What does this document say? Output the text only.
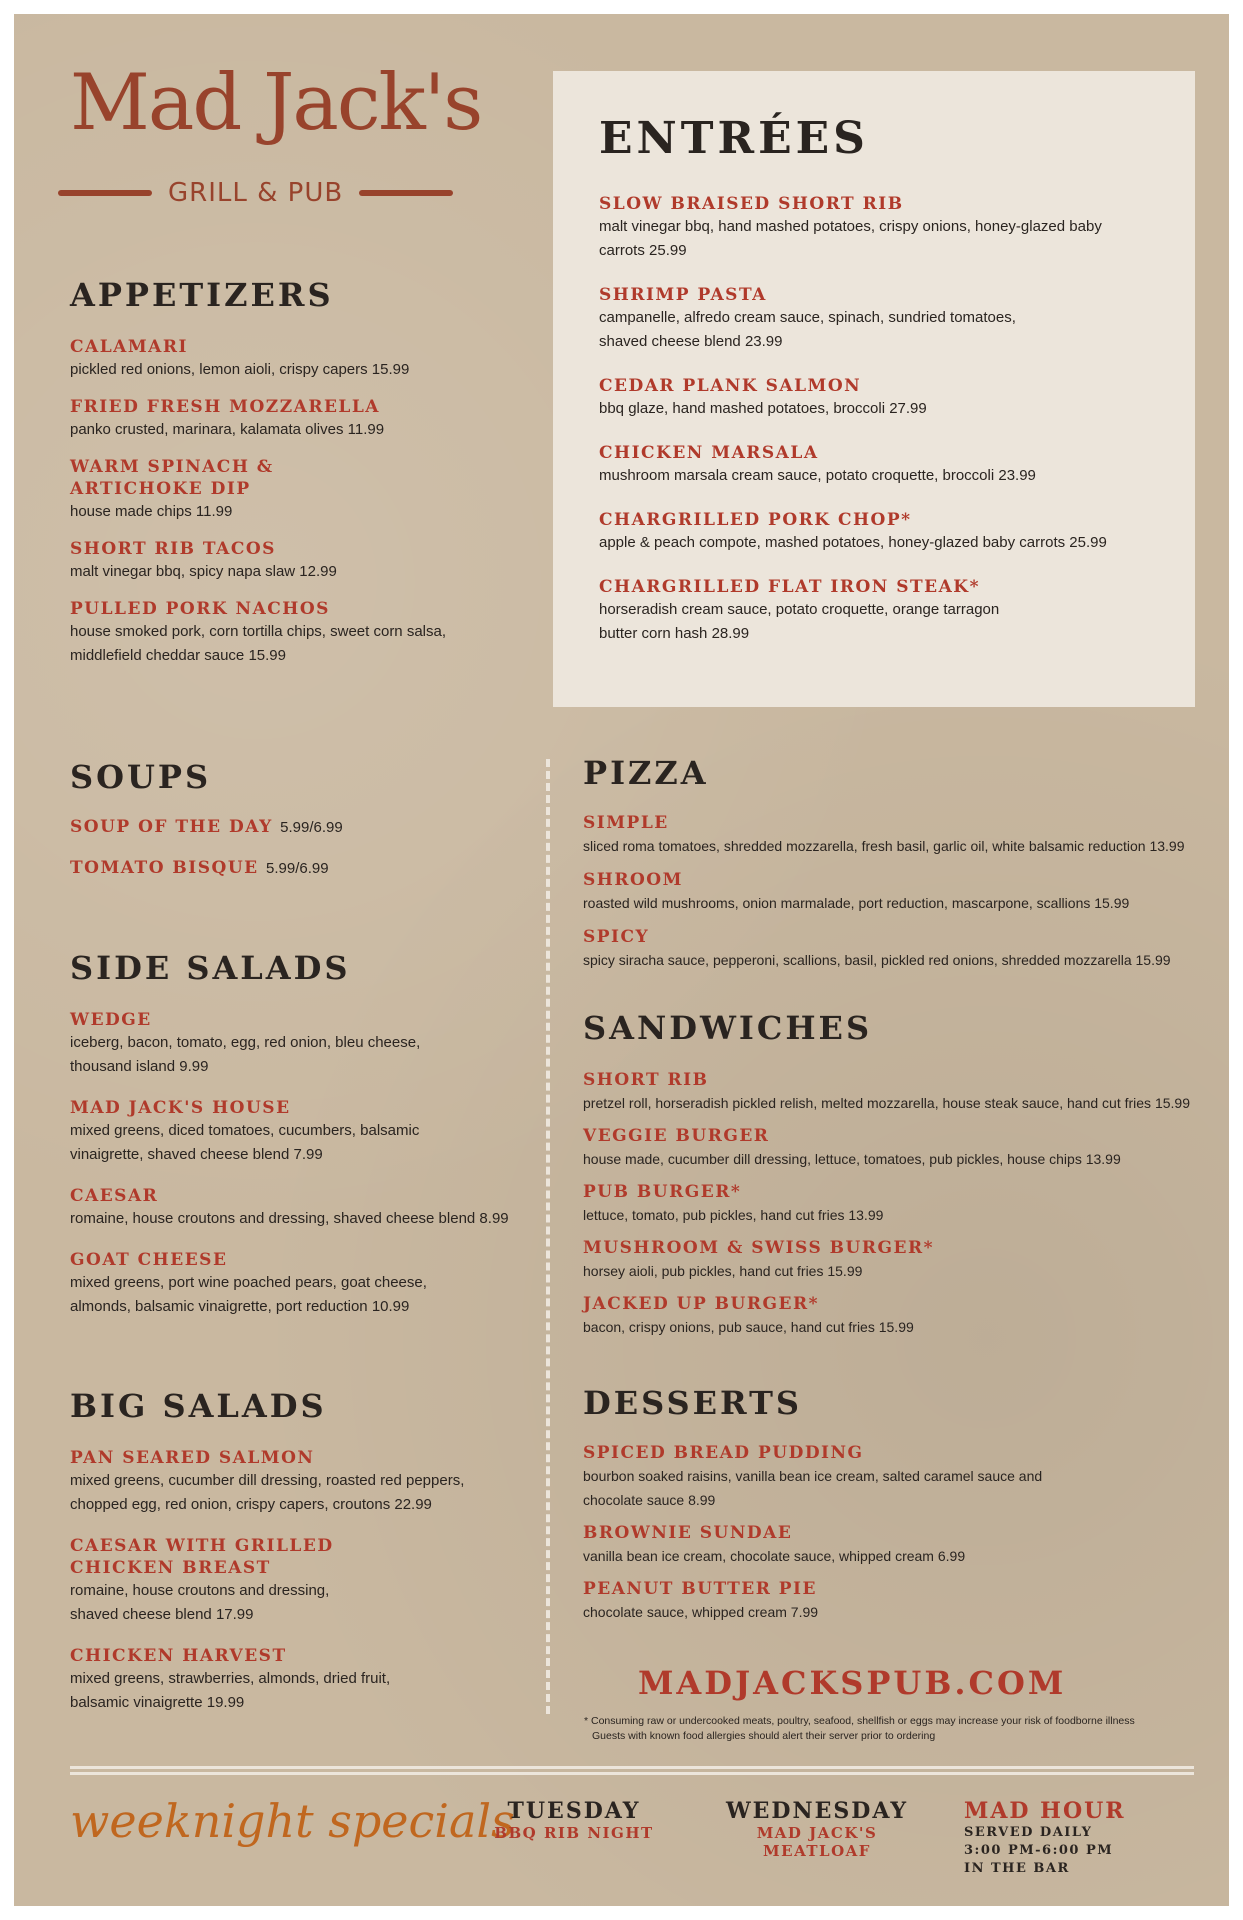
Mad Jack's
GRILL & PUB
APPETIZERS
CALAMARI
pickled red onions, lemon aioli, crispy capers 15.99
FRIED FRESH MOZZARELLA
panko crusted, marinara, kalamata olives 11.99
WARM SPINACH & ARTICHOKE DIP
house made chips 11.99
SHORT RIB TACOS
malt vinegar bbq, spicy napa slaw 12.99
PULLED PORK NACHOS
house smoked pork, corn tortilla chips, sweet corn salsa, middlefield cheddar sauce 15.99
ENTRÉES
SLOW BRAISED SHORT RIB
malt vinegar bbq, hand mashed potatoes, crispy onions, honey-glazed baby carrots 25.99
SHRIMP PASTA
campanelle, alfredo cream sauce, spinach, sundried tomatoes, shaved cheese blend 23.99
CEDAR PLANK SALMON
bbq glaze, hand mashed potatoes, broccoli 27.99
CHICKEN MARSALA
mushroom marsala cream sauce, potato croquette, broccoli 23.99
CHARGRILLED PORK CHOP*
apple & peach compote, mashed potatoes, honey-glazed baby carrots 25.99
CHARGRILLED FLAT IRON STEAK*
horseradish cream sauce, potato croquette, orange tarragon butter corn hash 28.99
SOUPS
SOUP OF THE DAY 5.99/6.99
TOMATO BISQUE 5.99/6.99
SIDE SALADS
WEDGE
iceberg, bacon, tomato, egg, red onion, bleu cheese, thousand island 9.99
MAD JACK'S HOUSE
mixed greens, diced tomatoes, cucumbers, balsamic vinaigrette, shaved cheese blend 7.99
CAESAR
romaine, house croutons and dressing, shaved cheese blend 8.99
GOAT CHEESE
mixed greens, port wine poached pears, goat cheese, almonds, balsamic vinaigrette, port reduction 10.99
BIG SALADS
PAN SEARED SALMON
mixed greens, cucumber dill dressing, roasted red peppers, chopped egg, red onion, crispy capers, croutons 22.99
CAESAR WITH GRILLED CHICKEN BREAST
romaine, house croutons and dressing, shaved cheese blend 17.99
CHICKEN HARVEST
mixed greens, strawberries, almonds, dried fruit, balsamic vinaigrette 19.99
PIZZA
SIMPLE
sliced roma tomatoes, shredded mozzarella, fresh basil, garlic oil, white balsamic reduction 13.99
SHROOM
roasted wild mushrooms, onion marmalade, port reduction, mascarpone, scallions 15.99
SPICY
spicy siracha sauce, pepperoni, scallions, basil, pickled red onions, shredded mozzarella 15.99
SANDWICHES
SHORT RIB
pretzel roll, horseradish pickled relish, melted mozzarella, house steak sauce, hand cut fries 15.99
VEGGIE BURGER
house made, cucumber dill dressing, lettuce, tomatoes, pub pickles, house chips 13.99
PUB BURGER*
lettuce, tomato, pub pickles, hand cut fries 13.99
MUSHROOM & SWISS BURGER*
horsey aioli, pub pickles, hand cut fries 15.99
JACKED UP BURGER*
bacon, crispy onions, pub sauce, hand cut fries 15.99
DESSERTS
SPICED BREAD PUDDING
bourbon soaked raisins, vanilla bean ice cream, salted caramel sauce and chocolate sauce 8.99
BROWNIE SUNDAE
vanilla bean ice cream, chocolate sauce, whipped cream 6.99
PEANUT BUTTER PIE
chocolate sauce, whipped cream 7.99
MADJACKSPUB.COM
* Consuming raw or undercooked meats, poultry, seafood, shellfish or eggs may increase your risk of foodborne illness
Guests with known food allergies should alert their server prior to ordering
weeknight specials
TUESDAY
BBQ RIB NIGHT
WEDNESDAY
MAD JACK'S MEATLOAF
MAD HOUR
SERVED DAILY
3:00 PM-6:00 PM
IN THE BAR
